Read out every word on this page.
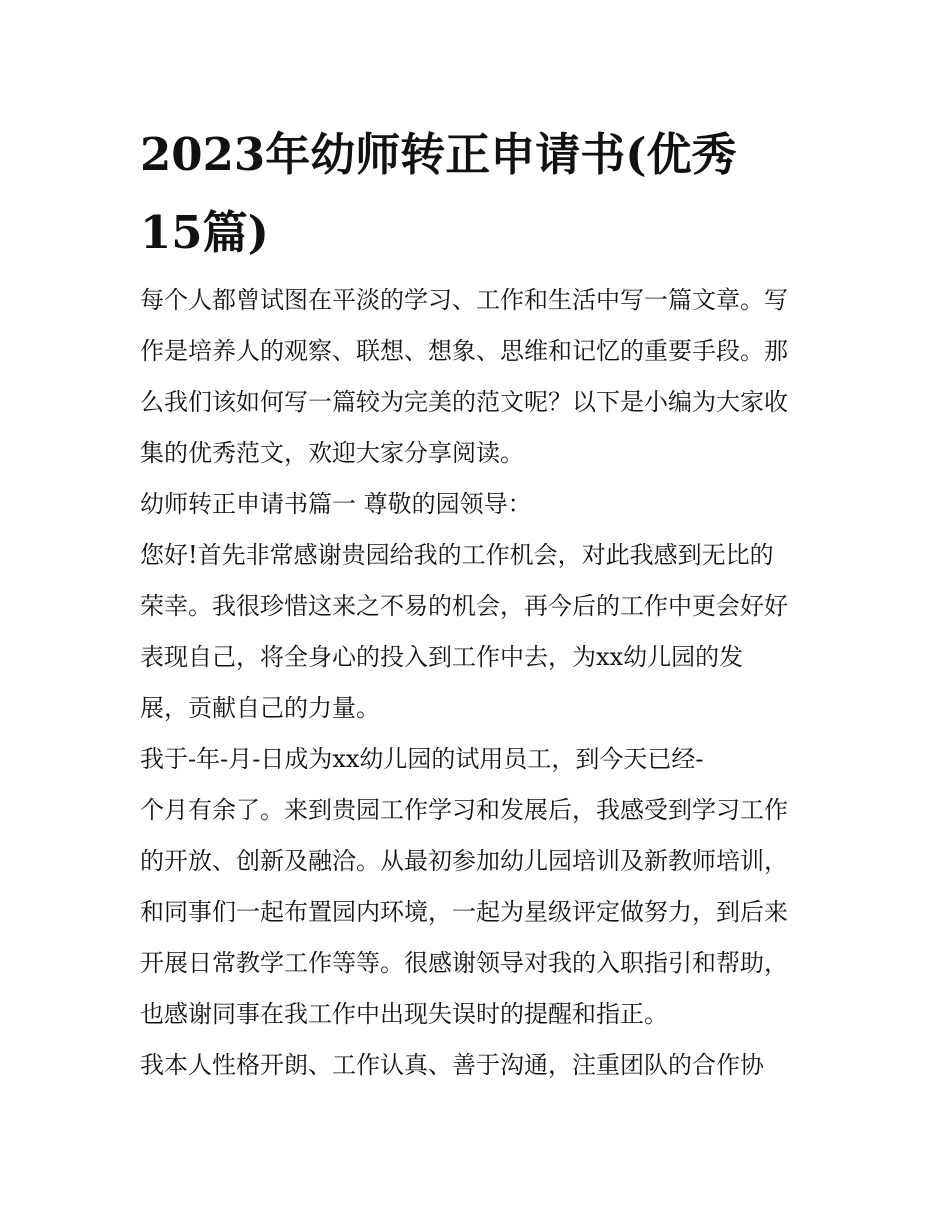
2023年幼师转正申请书(优秀
15篇)
每个人都曾试图在平淡的学习、工作和生活中写一篇文章。写
作是培养人的观察、联想、想象、思维和记忆的重要手段。那
么我们该如何写一篇较为完美的范文呢？以下是小编为大家收
集的优秀范文，欢迎大家分享阅读。
幼师转正申请书篇一 尊敬的园领导：
您好!首先非常感谢贵园给我的工作机会，对此我感到无比的
荣幸。我很珍惜这来之不易的机会，再今后的工作中更会好好
表现自己，将全身心的投入到工作中去，为xx幼儿园的发
展，贡献自己的力量。
我于-年-月-日成为xx幼儿园的试用员工，到今天已经-
个月有余了。来到贵园工作学习和发展后，我感受到学习工作
的开放、创新及融洽。从最初参加幼儿园培训及新教师培训，
和同事们一起布置园内环境，一起为星级评定做努力，到后来
开展日常教学工作等等。很感谢领导对我的入职指引和帮助，
也感谢同事在我工作中出现失误时的提醒和指正。
我本人性格开朗、工作认真、善于沟通，注重团队的合作协
